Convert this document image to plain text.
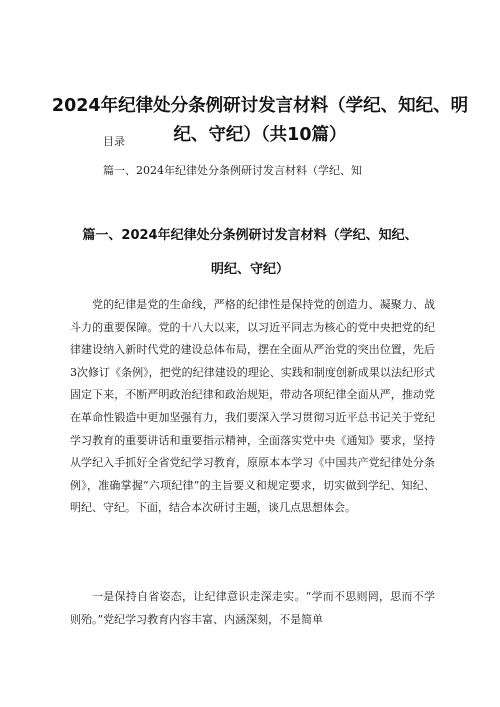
2024年纪律处分条例研讨发言材料（学纪、知纪、明纪、守纪）（共10篇）

目录

篇一、2024年纪律处分条例研讨发言材料（学纪、知

篇一、2024年纪律处分条例研讨发言材料（学纪、知纪、明纪、守纪）

党的纪律是党的生命线，严格的纪律性是保持党的创造力、凝聚力、战斗力的重要保障。党的十八大以来，以习近平同志为核心的党中央把党的纪律建设纳入新时代党的建设总体布局，摆在全面从严治党的突出位置，先后3次修订《条例》，把党的纪律建设的理论、实践和制度创新成果以法纪形式固定下来，不断严明政治纪律和政治规矩，带动各项纪律全面从严，推动党在革命性锻造中更加坚强有力，我们要深入学习贯彻习近平总书记关于党纪学习教育的重要讲话和重要指示精神，全面落实党中央《通知》要求，坚持从学纪入手抓好全省党纪学习教育，原原本本学习《中国共产党纪律处分条例》，准确掌握“六项纪律”的主旨要义和规定要求，切实做到学纪、知纪、明纪、守纪。下面，结合本次研讨主题，谈几点思想体会。

一是保持自省姿态，让纪律意识走深走实。“学而不思则罔，思而不学则殆。”党纪学习教育内容丰富、内涵深刻，不是简单
